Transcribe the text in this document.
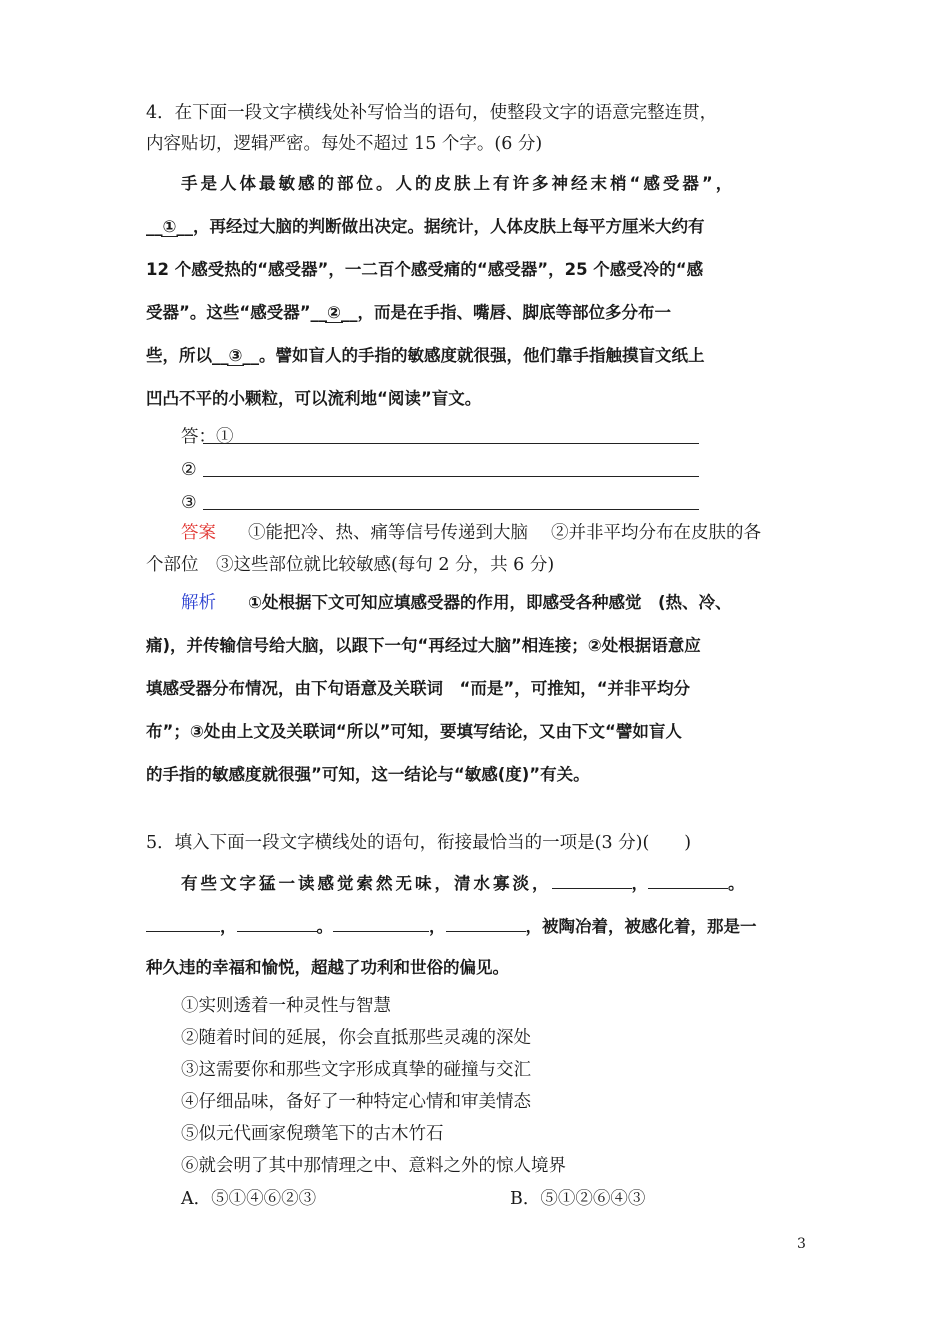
4．在下面一段文字横线处补写恰当的语句，使整段文字的语意完整连贯，
内容贴切，逻辑严密。每处不超过 15 个字。(6 分)
手是人体最敏感的部位。人的皮肤上有许多神经末梢“感受器”，
__①__，再经过大脑的判断做出决定。据统计，人体皮肤上每平方厘米大约有
12 个感受热的“感受器”，一二百个感受痛的“感受器”，25 个感受冷的“感
受器”。这些“感受器”__②__，而是在手指、嘴唇、脚底等部位多分布一
些，所以__③__。譬如盲人的手指的敏感度就很强，他们靠手指触摸盲文纸上
凹凸不平的小颗粒，可以流利地“阅读”盲文。
答：①
②
③
答案 ①能把冷、热、痛等信号传递到大脑　 ②并非平均分布在皮肤的各
个部位　③这些部位就比较敏感(每句 2 分，共 6 分)
解析 ①处根据下文可知应填感受器的作用，即感受各种感觉　(热、冷、
痛)，并传输信号给大脑，以跟下一句“再经过大脑”相连接；②处根据语意应
填感受器分布情况，由下句语意及关联词　“而是”，可推知，“并非平均分
布”；③处由上文及关联词“所以”可知，要填写结论，又由下文“譬如盲人
的手指的敏感度就很强”可知，这一结论与“敏感(度)”有关。
5．填入下面一段文字横线处的语句，衔接最恰当的一项是(3 分)(　　)
有些文字猛一读感觉索然无味，清水寡淡，	，	。
，	。	，	，被陶冶着，被感化着，那是一
种久违的幸福和愉悦，超越了功利和世俗的偏见。
①实则透着一种灵性与智慧
②随着时间的延展，你会直抵那些灵魂的深处
③这需要你和那些文字形成真挚的碰撞与交汇
④仔细品味，备好了一种特定心情和审美情态
⑤似元代画家倪瓒笔下的古木竹石
⑥就会明了其中那情理之中、意料之外的惊人境界
A．⑤①④⑥②③	B．⑤①②⑥④③
3
